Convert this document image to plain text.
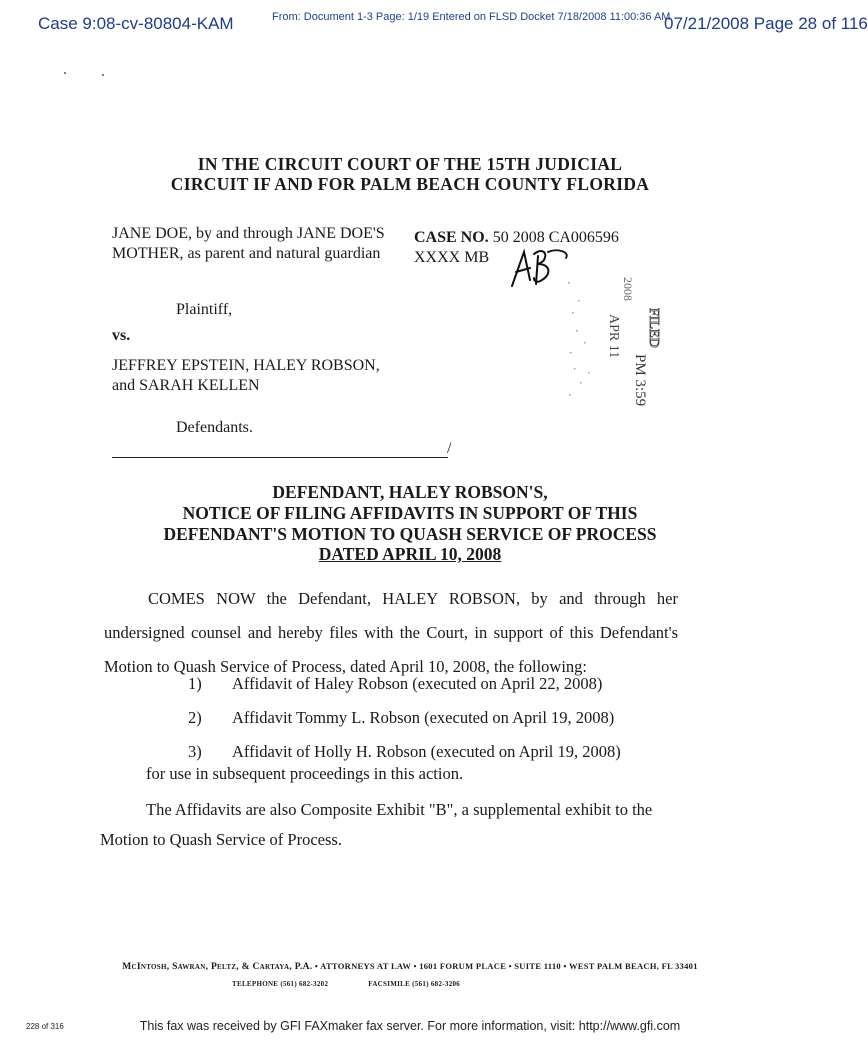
Case 9:08-cv-80804-KAM	From: Document 1-3 Page: 1/19 Entered on FLSD Docket 7/18/2008 11:00:36 AM
07/21/2008 Page 28 of 116
IN THE CIRCUIT COURT OF THE 15TH JUDICIAL
CIRCUIT IF AND FOR PALM BEACH COUNTY FLORIDA
JANE DOE, by and through JANE DOE'S MOTHER, as parent and natural guardian
Plaintiff,
vs.
JEFFREY EPSTEIN, HALEY ROBSON, and SARAH KELLEN
Defendants.
/
CASE NO. 50 2008 CA006596
XXXX MB
2008
APR 11
PM 3:59
FILED
DEFENDANT, HALEY ROBSON'S,
NOTICE OF FILING AFFIDAVITS IN SUPPORT OF THIS
DEFENDANT'S MOTION TO QUASH SERVICE OF PROCESS
DATED APRIL 10, 2008
COMES NOW the Defendant, HALEY ROBSON, by and through her undersigned counsel and hereby files with the Court, in support of this Defendant's Motion to Quash Service of Process, dated April 10, 2008, the following:
1)	Affidavit of Haley Robson (executed on April 22, 2008)
2)	Affidavit Tommy L. Robson (executed on April 19, 2008)
3)	Affidavit of Holly H. Robson (executed on April 19, 2008)
for use in subsequent proceedings in this action.
The Affidavits are also Composite Exhibit "B", a supplemental exhibit to the Motion to Quash Service of Process.
McIntosh, Sawran, Peltz, & Cartaya, P.A. • ATTORNEYS AT LAW • 1601 FORUM PLACE • SUITE 1110 • WEST PALM BEACH, FL 33401
TELEPHONE (561) 682-3202	FACSIMILE (561) 682-3206
228 of 316	This fax was received by GFI FAXmaker fax server. For more information, visit: http://www.gfi.com
